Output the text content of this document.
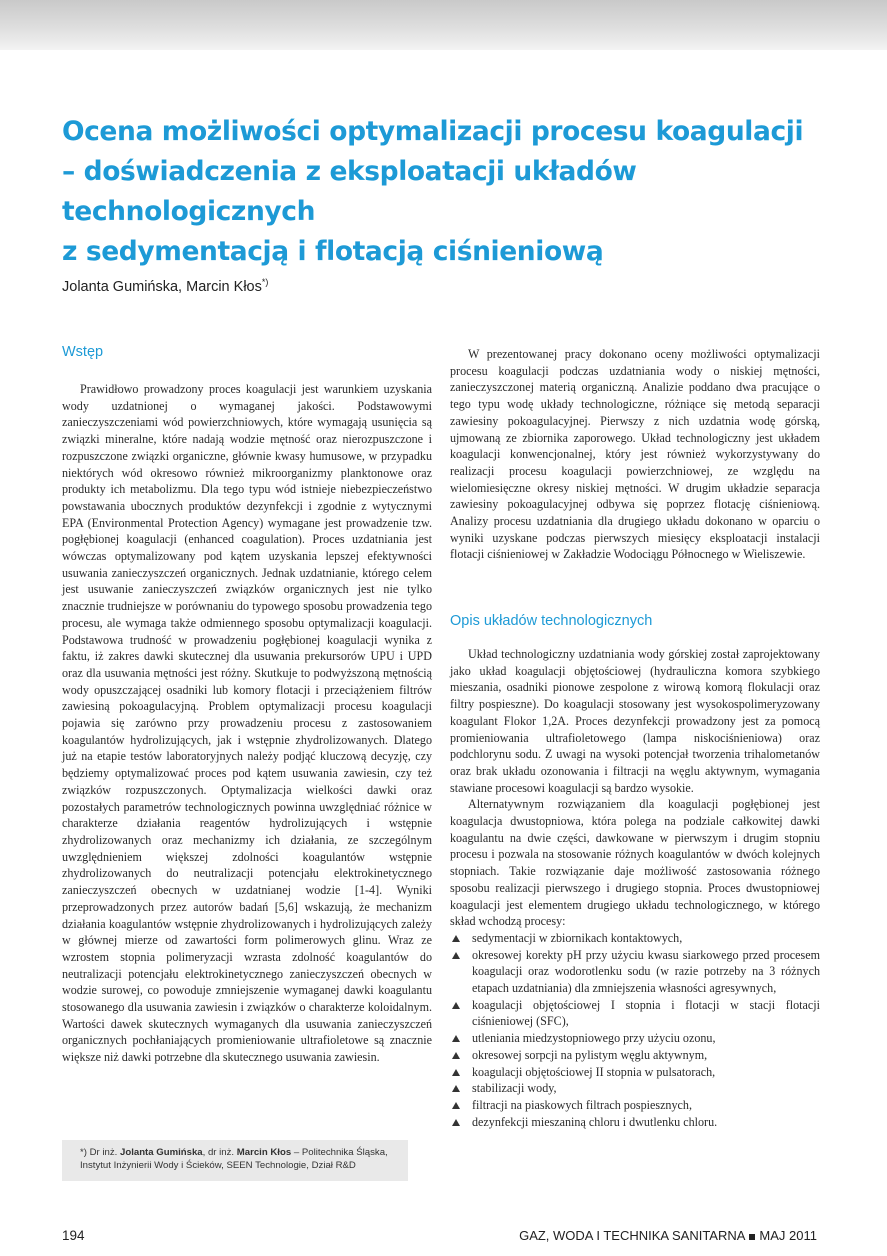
Ocena możliwości optymalizacji procesu koagulacji
– doświadczenia z eksploatacji układów technologicznych
z sedymentacją i flotacją ciśnieniową

Jolanta Gumińska, Marcin Kłos*)

Wstęp

Prawidłowo prowadzony proces koagulacji jest warunkiem uzyskania wody uzdatnionej o wymaganej jakości. Podstawowymi zanieczyszczeniami wód powierzchniowych, które wymagają usunięcia są związki mineralne, które nadają wodzie mętność oraz nierozpuszczone i rozpuszczone związki organiczne, głównie kwasy humusowe, w przypadku niektórych wód okresowo również mikroorganizmy planktonowe oraz produkty ich metabolizmu. Dla tego typu wód istnieje niebezpieczeństwo powstawania ubocznych produktów dezynfekcji i zgodnie z wytycznymi EPA (Environmental Protection Agency) wymagane jest prowadzenie tzw. pogłębionej koagulacji (enhanced coagulation). Proces uzdatniania jest wówczas optymalizowany pod kątem uzyskania lepszej efektywności usuwania zanieczyszczeń organicznych. Jednak uzdatnianie, którego celem jest usuwanie zanieczyszczeń związków organicznych jest nie tylko znacznie trudniejsze w porównaniu do typowego sposobu prowadzenia tego procesu, ale wymaga także odmiennego sposobu optymalizacji koagulacji. Podstawowa trudność w prowadzeniu pogłębionej koagulacji wynika z faktu, iż zakres dawki skutecznej dla usuwania prekursorów UPU i UPD oraz dla usuwania mętności jest różny. Skutkuje to podwyższoną mętnością wody opuszczającej osadniki lub komory flotacji i przeciążeniem filtrów zawiesiną pokoagulacyjną. Problem optymalizacji procesu koagulacji pojawia się zarówno przy prowadzeniu procesu z zastosowaniem koagulantów hydrolizujących, jak i wstępnie zhydrolizowanych. Dlatego już na etapie testów laboratoryjnych należy podjąć kluczową decyzję, czy będziemy optymalizować proces pod kątem usuwania zawiesin, czy też związków rozpuszczonych. Optymalizacja wielkości dawki oraz pozostałych parametrów technologicznych powinna uwzględniać różnice w charakterze działania reagentów hydrolizujących i wstępnie zhydrolizowanych oraz mechanizmy ich działania, ze szczególnym uwzględnieniem większej zdolności koagulantów wstępnie zhydrolizowanych do neutralizacji potencjału elektrokinetycznego zanieczyszczeń obecnych w uzdatnianej wodzie [1-4]. Wyniki przeprowadzonych przez autorów badań [5,6] wskazują, że mechanizm działania koagulantów wstępnie zhydrolizowanych i hydrolizujących zależy w głównej mierze od zawartości form polimerowych glinu. Wraz ze wzrostem stopnia polimeryzacji wzrasta zdolność koagulantów do neutralizacji potencjału elektrokinetycznego zanieczyszczeń obecnych w wodzie surowej, co powoduje zmniejszenie wymaganej dawki koagulantu stosowanego dla usuwania zawiesin i związków o charakterze koloidalnym. Wartości dawek skutecznych wymaganych dla usuwania zanieczyszczeń organicznych pochłaniających promieniowanie ultrafioletowe są znacznie większe niż dawki potrzebne dla skutecznego usuwania zawiesin.

W prezentowanej pracy dokonano oceny możliwości optymalizacji procesu koagulacji podczas uzdatniania wody o niskiej mętności, zanieczyszczonej materią organiczną. Analizie poddano dwa pracujące o tego typu wodę układy technologiczne, różniące się metodą separacji zawiesiny pokoagulacyjnej. Pierwszy z nich uzdatnia wodę górską, ujmowaną ze zbiornika zaporowego. Układ technologiczny jest układem koagulacji konwencjonalnej, który jest również wykorzystywany do realizacji procesu koagulacji powierzchniowej, ze względu na wielomiesięczne okresy niskiej mętności. W drugim układzie separacja zawiesiny pokoagulacyjnej odbywa się poprzez flotację ciśnieniową. Analizy procesu uzdatniania dla drugiego układu dokonano w oparciu o wyniki uzyskane podczas pierwszych miesięcy eksploatacji instalacji flotacji ciśnieniowej w Zakładzie Wodociągu Północnego w Wieliszewie.

Opis układów technologicznych

Układ technologiczny uzdatniania wody górskiej został zaprojektowany jako układ koagulacji objętościowej (hydrauliczna komora szybkiego mieszania, osadniki pionowe zespolone z wirową komorą flokulacji oraz filtry pospieszne). Do koagulacji stosowany jest wysokospolimeryzowany koagulant Flokor 1,2A. Proces dezynfekcji prowadzony jest za pomocą promieniowania ultrafioletowego (lampa niskociśnieniowa) oraz podchlorynu sodu. Z uwagi na wysoki potencjał tworzenia trihalometanów oraz brak układu ozonowania i filtracji na węglu aktywnym, wymagania stawiane procesowi koagulacji są bardzo wysokie.

Alternatywnym rozwiązaniem dla koagulacji pogłębionej jest koagulacja dwustopniowa, która polega na podziale całkowitej dawki koagulantu na dwie części, dawkowane w pierwszym i drugim stopniu procesu i pozwala na stosowanie różnych koagulantów w dwóch kolejnych stopniach. Takie rozwiązanie daje możliwość zastosowania różnego sposobu realizacji pierwszego i drugiego stopnia. Proces dwustopniowej koagulacji jest elementem drugiego układu technologicznego, w którego skład wchodzą procesy:

sedymentacji w zbiornikach kontaktowych,
okresowej korekty pH przy użyciu kwasu siarkowego przed procesem koagulacji oraz wodorotlenku sodu (w razie potrzeby na 3 różnych etapach uzdatniania) dla zmniejszenia własności agresywnych,
koagulacji objętościowej I stopnia i flotacji w stacji flotacji ciśnieniowej (SFC),
utleniania miedzystopniowego przy użyciu ozonu,
okresowej sorpcji na pylistym węglu aktywnym,
koagulacji objętościowej II stopnia w pulsatorach,
stabilizacji wody,
filtracji na piaskowych filtrach pospiesznych,
dezynfekcji mieszaniną chloru i dwutlenku chloru.
*) Dr inż. Jolanta Gumińska, dr inż. Marcin Kłos – Politechnika Śląska, Instytut Inżynierii Wody i Ścieków, SEEN Technologie, Dział R&D
194	GAZ, WODA I TECHNIKA SANITARNA MAJ 2011
